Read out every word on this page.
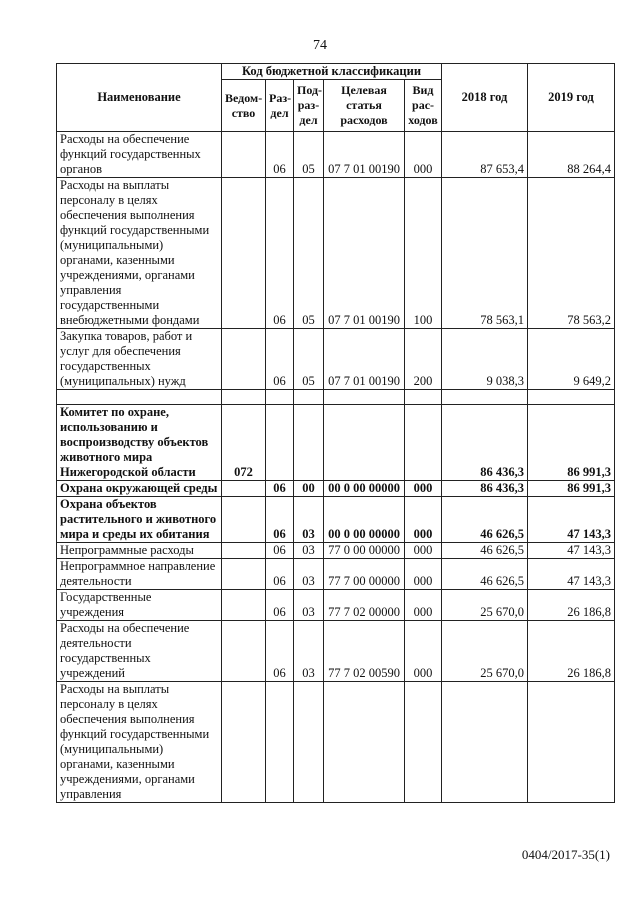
74
Наименование	Код бюджетной классификации					2018 год	2019 год
	Ведом-ство	Раз-дел	Под-раз-дел	Целевая статья расходов	Вид рас-ходов		
Расходы на обеспечение функций государственных органов		06	05	07 7 01 00190	000	87 653,4	88 264,4
Расходы на выплаты персоналу в целях обеспечения выполнения функций государственными (муниципальными) органами, казенными учреждениями, органами управления государственными внебюджетными фондами		06	05	07 7 01 00190	100	78 563,1	78 563,2
Закупка товаров, работ и услуг для обеспечения государственных (муниципальных) нужд		06	05	07 7 01 00190	200	9 038,3	9 649,2

Комитет по охране, использованию и воспроизводству объектов животного мира Нижегородской области	072					86 436,3	86 991,3
Охрана окружающей среды		06	00	00 0 00 00000	000	86 436,3	86 991,3
Охрана объектов растительного и животного мира и среды их обитания		06	03	00 0 00 00000	000	46 626,5	47 143,3
Непрограммные расходы		06	03	77 0 00 00000	000	46 626,5	47 143,3
Непрограммное направление деятельности		06	03	77 7 00 00000	000	46 626,5	47 143,3
Государственные учреждения		06	03	77 7 02 00000	000	25 670,0	26 186,8
Расходы на обеспечение деятельности государственных учреждений		06	03	77 7 02 00590	000	25 670,0	26 186,8
Расходы на выплаты персоналу в целях обеспечения выполнения функций государственными (муниципальными) органами, казенными учреждениями, органами управления							
0404/2017-35(1)
